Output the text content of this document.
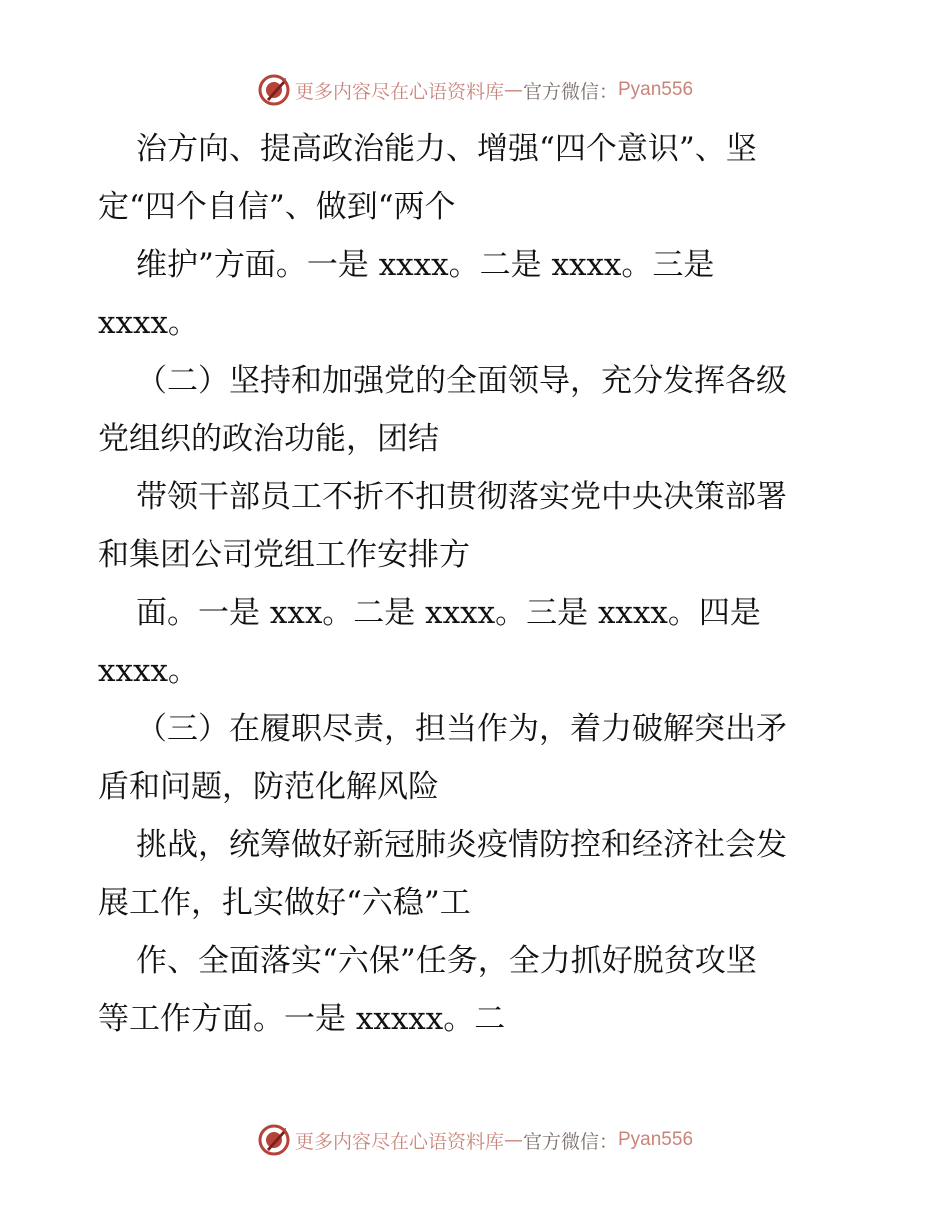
更多内容尽在心语资料库 — 官方微信： Pyan556
治方向、提高政治能力、增强“四个意识”、坚
定“四个自信”、做到“两个
维护”方面。一是 xxxx。二是 xxxx。三是
xxxx。
（二）坚持和加强党的全面领导，充分发挥各级
党组织的政治功能，团结
带领干部员工不折不扣贯彻落实党中央决策部署
和集团公司党组工作安排方
面。一是 xxx。二是 xxxx。三是 xxxx。四是
xxxx。
（三）在履职尽责，担当作为，着力破解突出矛
盾和问题，防范化解风险
挑战，统筹做好新冠肺炎疫情防控和经济社会发
展工作，扎实做好“六稳”工
作、全面落实“六保”任务，全力抓好脱贫攻坚
等工作方面。一是 xxxxx。二
更多内容尽在心语资料库 — 官方微信： Pyan556
